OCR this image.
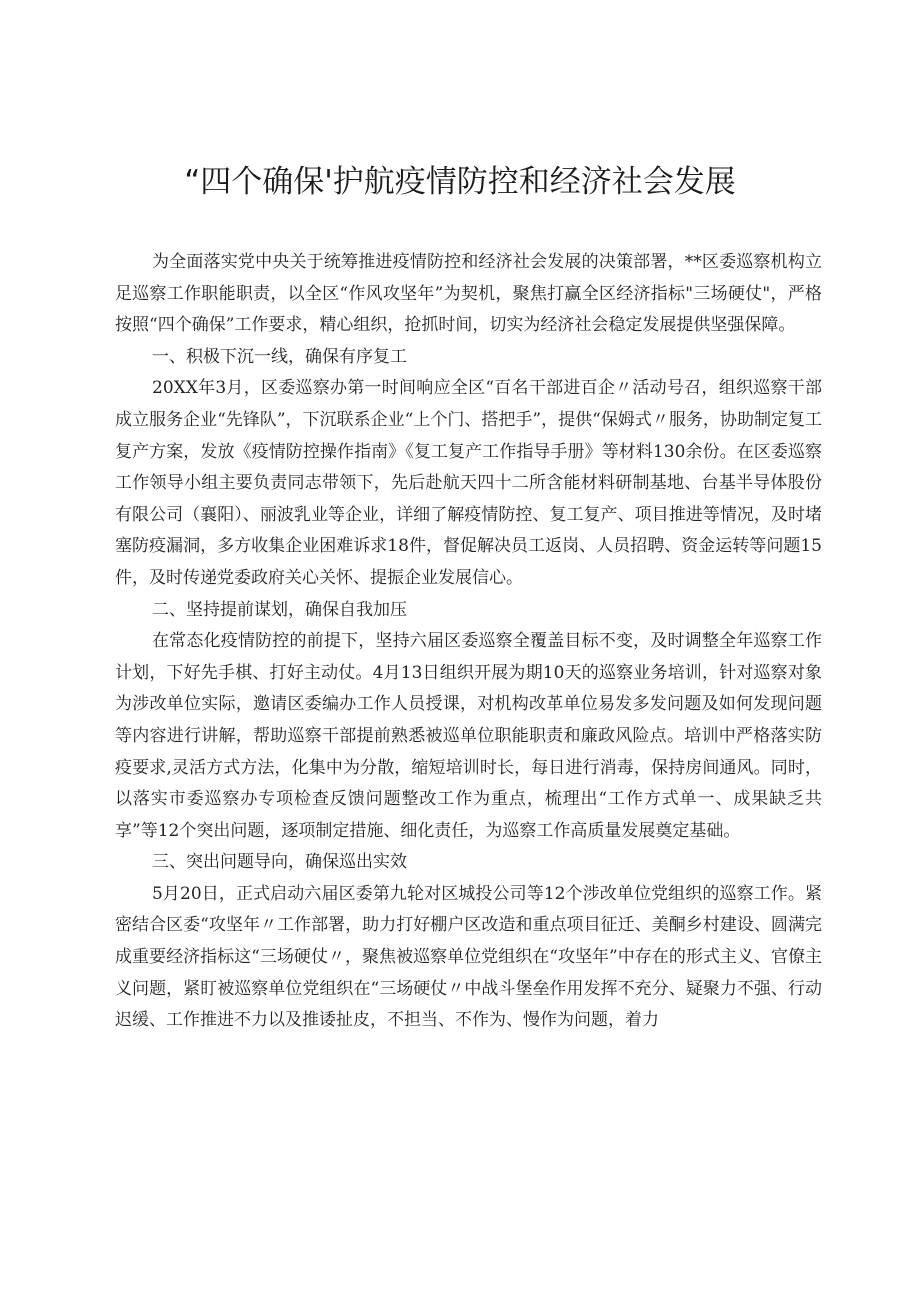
“四个确保'护航疫情防控和经济社会发展

为全面落实党中央关于统筹推进疫情防控和经济社会发展的决策部署，**区委巡察机构立足巡察工作职能职责，以全区“作风攻坚年”为契机，聚焦打赢全区经济指标"三场硬仗"，严格按照“四个确保”工作要求，精心组织，抢抓时间，切实为经济社会稳定发展提供坚强保障。

一、积极下沉一线，确保有序复工

20XX年3月，区委巡察办第一时间响应全区“百名干部进百企〃活动号召，组织巡察干部成立服务企业“先锋队”，下沉联系企业“上个门、搭把手”，提供“保姆式〃服务，协助制定复工复产方案，发放《疫情防控操作指南》《复工复产工作指导手册》等材料130余份。在区委巡察工作领导小组主要负责同志带领下，先后赴航天四十二所含能材料研制基地、台基半导体股份有限公司（襄阳）、丽波乳业等企业，详细了解疫情防控、复工复产、项目推进等情况，及时堵塞防疫漏洞，多方收集企业困难诉求18件，督促解决员工返岗、人员招聘、资金运转等问题15件，及时传递党委政府关心关怀、提振企业发展信心。

二、坚持提前谋划，确保自我加压

在常态化疫情防控的前提下，坚持六届区委巡察全覆盖目标不变，及时调整全年巡察工作计划，下好先手棋、打好主动仗。4月13日组织开展为期10天的巡察业务培训，针对巡察对象为涉改单位实际，邀请区委编办工作人员授课，对机构改革单位易发多发问题及如何发现问题等内容进行讲解，帮助巡察干部提前熟悉被巡单位职能职责和廉政风险点。培训中严格落实防疫要求,灵活方式方法，化集中为分散，缩短培训时长，每日进行消毒，保持房间通风。同时，以落实市委巡察办专项检查反馈问题整改工作为重点，梳理出“工作方式单一、成果缺乏共享”等12个突出问题，逐项制定措施、细化责任，为巡察工作高质量发展奠定基础。

三、突出问题导向，确保巡出实效

5月20日，正式启动六届区委第九轮对区城投公司等12个涉改单位党组织的巡察工作。紧密结合区委“攻坚年〃工作部署，助力打好棚户区改造和重点项目征迁、美酮乡村建设、圆满完成重要经济指标这“三场硬仗〃，聚焦被巡察单位党组织在“攻坚年”中存在的形式主义、官僚主义问题，紧盯被巡察单位党组织在“三场硬仗〃中战斗堡垒作用发挥不充分、疑聚力不强、行动迟缓、工作推进不力以及推诿扯皮，不担当、不作为、慢作为问题，着力
